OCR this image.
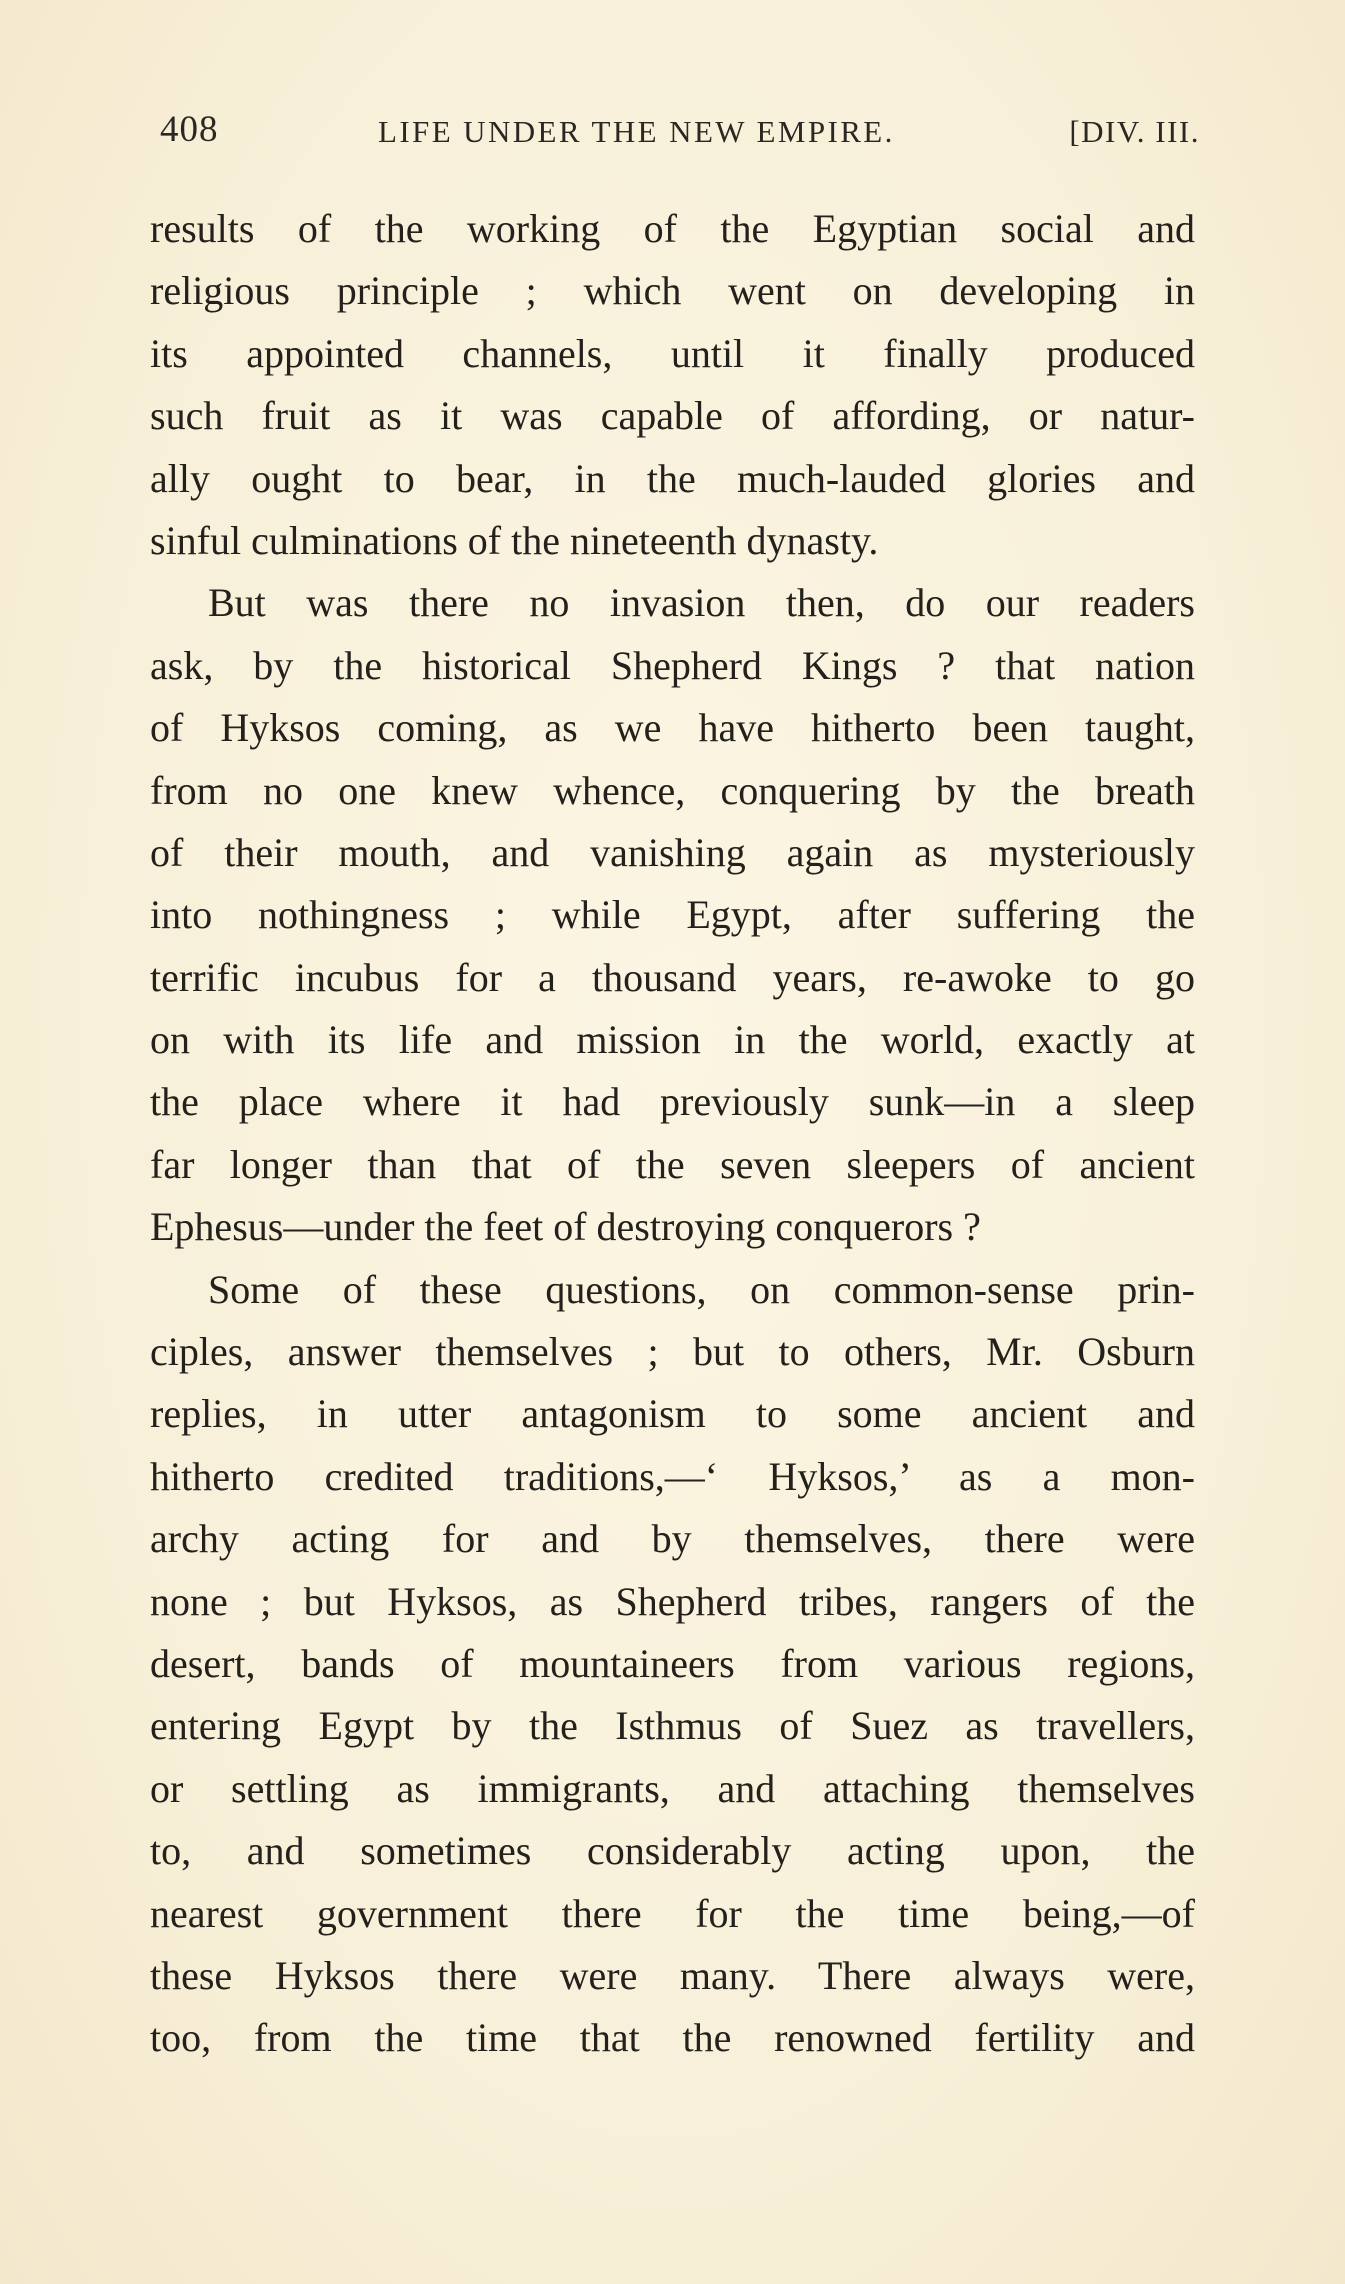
408	LIFE UNDER THE NEW EMPIRE.	[DIV. III.
results of the working of the Egyptian social and
religious principle ; which went on developing in
its appointed channels, until it finally produced
such fruit as it was capable of affording, or natur-
ally ought to bear, in the much-lauded glories and
sinful culminations of the nineteenth dynasty.
But was there no invasion then, do our readers
ask, by the historical Shepherd Kings ? that nation
of Hyksos coming, as we have hitherto been taught,
from no one knew whence, conquering by the breath
of their mouth, and vanishing again as mysteriously
into nothingness ; while Egypt, after suffering the
terrific incubus for a thousand years, re-awoke to go
on with its life and mission in the world, exactly at
the place where it had previously sunk—in a sleep
far longer than that of the seven sleepers of ancient
Ephesus—under the feet of destroying conquerors ?
Some of these questions, on common-sense prin-
ciples, answer themselves ; but to others, Mr. Osburn
replies, in utter antagonism to some ancient and
hitherto credited traditions,—‘ Hyksos,’ as a mon-
archy acting for and by themselves, there were
none ; but Hyksos, as Shepherd tribes, rangers of the
desert, bands of mountaineers from various regions,
entering Egypt by the Isthmus of Suez as travellers,
or settling as immigrants, and attaching themselves
to, and sometimes considerably acting upon, the
nearest government there for the time being,—of
these Hyksos there were many. There always were,
too, from the time that the renowned fertility and
